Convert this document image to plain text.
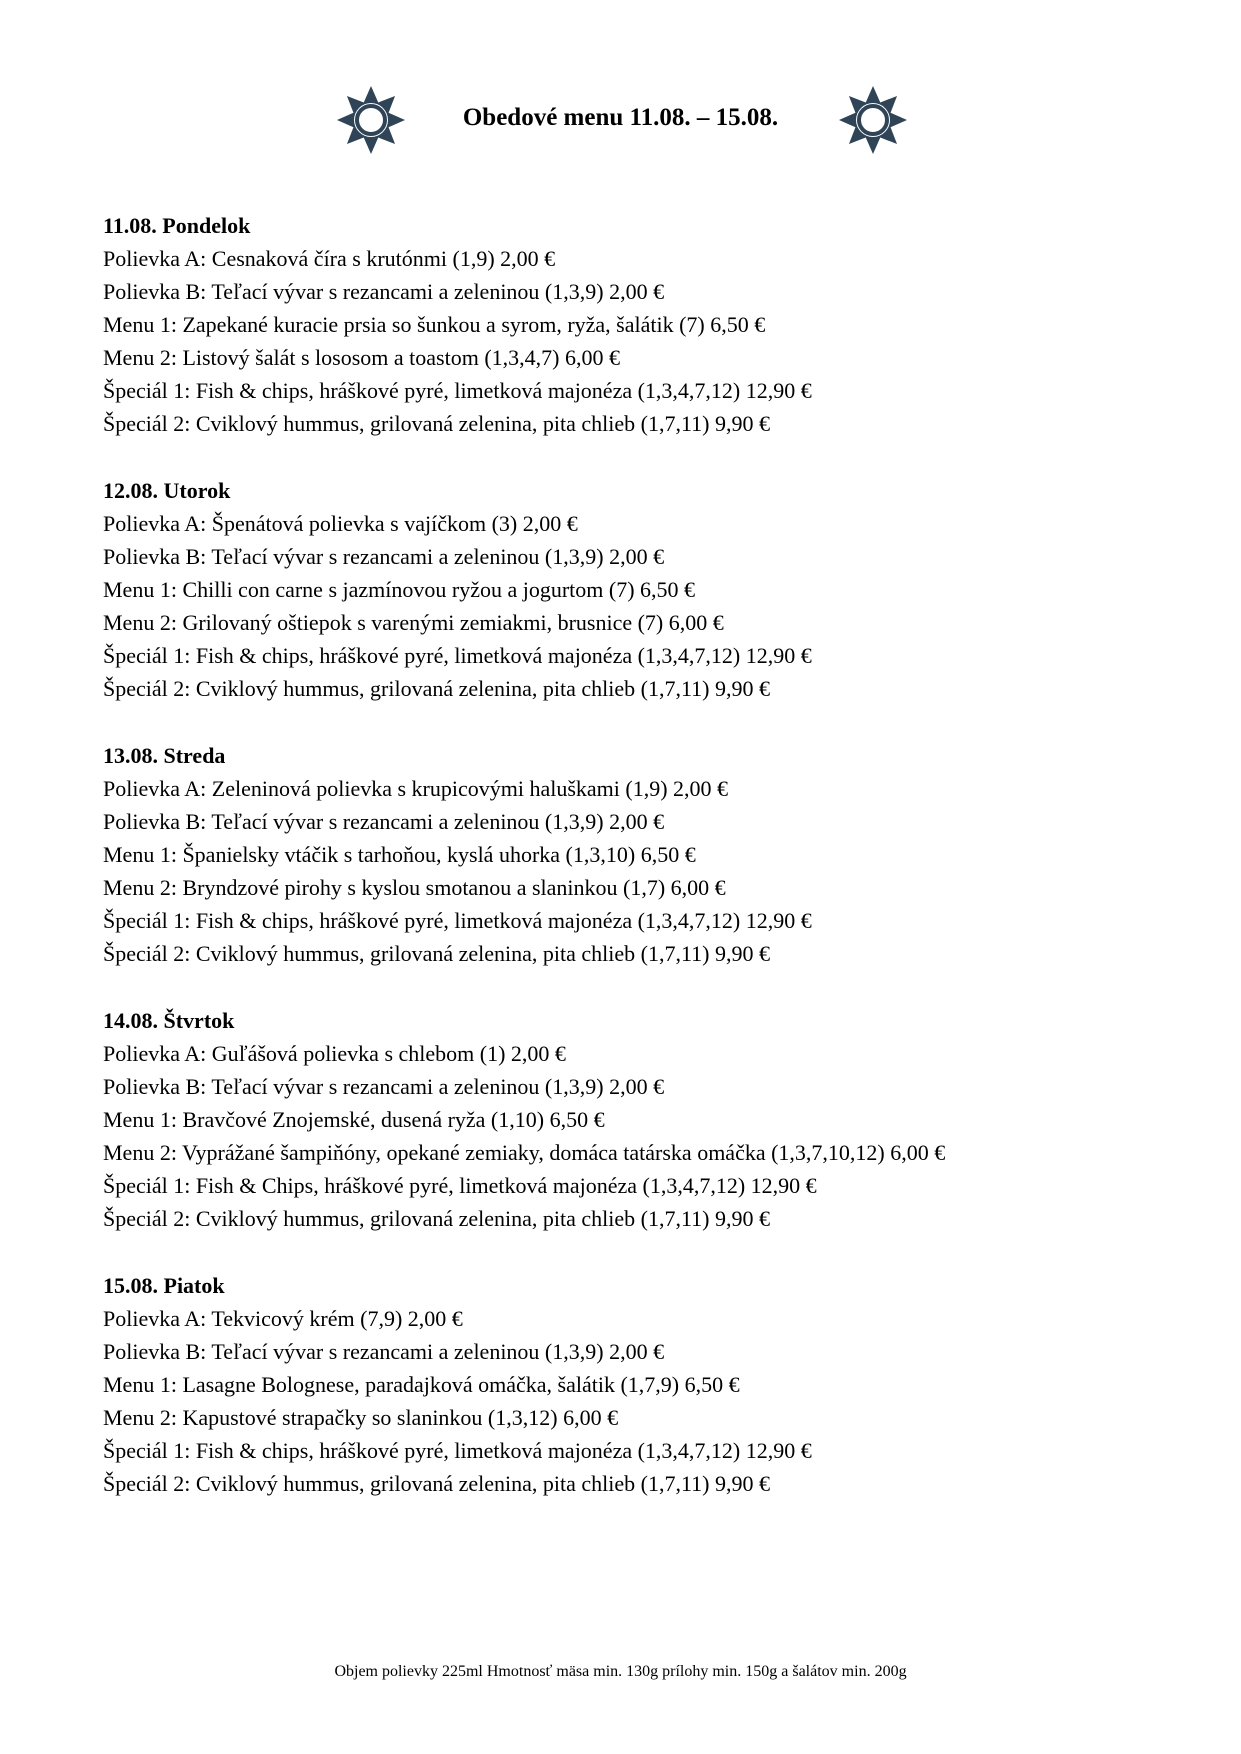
Obedové menu 11.08. – 15.08.
11.08. Pondelok
Polievka A: Cesnaková číra s krutónmi (1,9) 2,00 €
Polievka B: Teľací vývar s rezancami a zeleninou (1,3,9) 2,00 €
Menu 1: Zapekané kuracie prsia so šunkou a syrom, ryža, šalátik (7) 6,50 €
Menu 2: Listový šalát s lososom a toastom (1,3,4,7) 6,00 €
Špeciál 1: Fish & chips, hráškové pyré, limetková majonéza (1,3,4,7,12) 12,90 €
Špeciál 2: Cviklový hummus, grilovaná zelenina, pita chlieb (1,7,11) 9,90 €
12.08. Utorok
Polievka A: Špenátová polievka s vajíčkom (3) 2,00 €
Polievka B: Teľací vývar s rezancami a zeleninou (1,3,9) 2,00 €
Menu 1: Chilli con carne s jazmínovou ryžou a jogurtom (7) 6,50 €
Menu 2: Grilovaný oštiepok s varenými zemiakmi, brusnice (7) 6,00 €
Špeciál 1: Fish & chips, hráškové pyré, limetková majonéza (1,3,4,7,12) 12,90 €
Špeciál 2: Cviklový hummus, grilovaná zelenina, pita chlieb (1,7,11) 9,90 €
13.08. Streda
Polievka A: Zeleninová polievka s krupicovými haluškami (1,9) 2,00 €
Polievka B: Teľací vývar s rezancami a zeleninou (1,3,9) 2,00 €
Menu 1: Španielsky vtáčik s tarhoňou, kyslá uhorka (1,3,10) 6,50 €
Menu 2: Bryndzové pirohy s kyslou smotanou a slaninkou (1,7) 6,00 €
Špeciál 1: Fish & chips, hráškové pyré, limetková majonéza (1,3,4,7,12) 12,90 €
Špeciál 2: Cviklový hummus, grilovaná zelenina, pita chlieb (1,7,11) 9,90 €
14.08. Štvrtok
Polievka A: Guľášová polievka s chlebom (1) 2,00 €
Polievka B: Teľací vývar s rezancami a zeleninou (1,3,9) 2,00 €
Menu 1: Bravčové Znojemské, dusená ryža (1,10) 6,50 €
Menu 2: Vyprážané šampiňóny, opekané zemiaky, domáca tatárska omáčka (1,3,7,10,12) 6,00 €
Špeciál 1: Fish & Chips, hráškové pyré, limetková majonéza (1,3,4,7,12) 12,90 €
Špeciál 2: Cviklový hummus, grilovaná zelenina, pita chlieb (1,7,11) 9,90 €
15.08. Piatok
Polievka A: Tekvicový krém (7,9) 2,00 €
Polievka B: Teľací vývar s rezancami a zeleninou (1,3,9) 2,00 €
Menu 1: Lasagne Bolognese, paradajková omáčka, šalátik (1,7,9) 6,50 €
Menu 2: Kapustové strapačky so slaninkou (1,3,12) 6,00 €
Špeciál 1: Fish & chips, hráškové pyré, limetková majonéza (1,3,4,7,12) 12,90 €
Špeciál 2: Cviklový hummus, grilovaná zelenina, pita chlieb (1,7,11) 9,90 €
Objem polievky 225ml Hmotnosť mäsa min. 130g prílohy min. 150g a šalátov min. 200g
